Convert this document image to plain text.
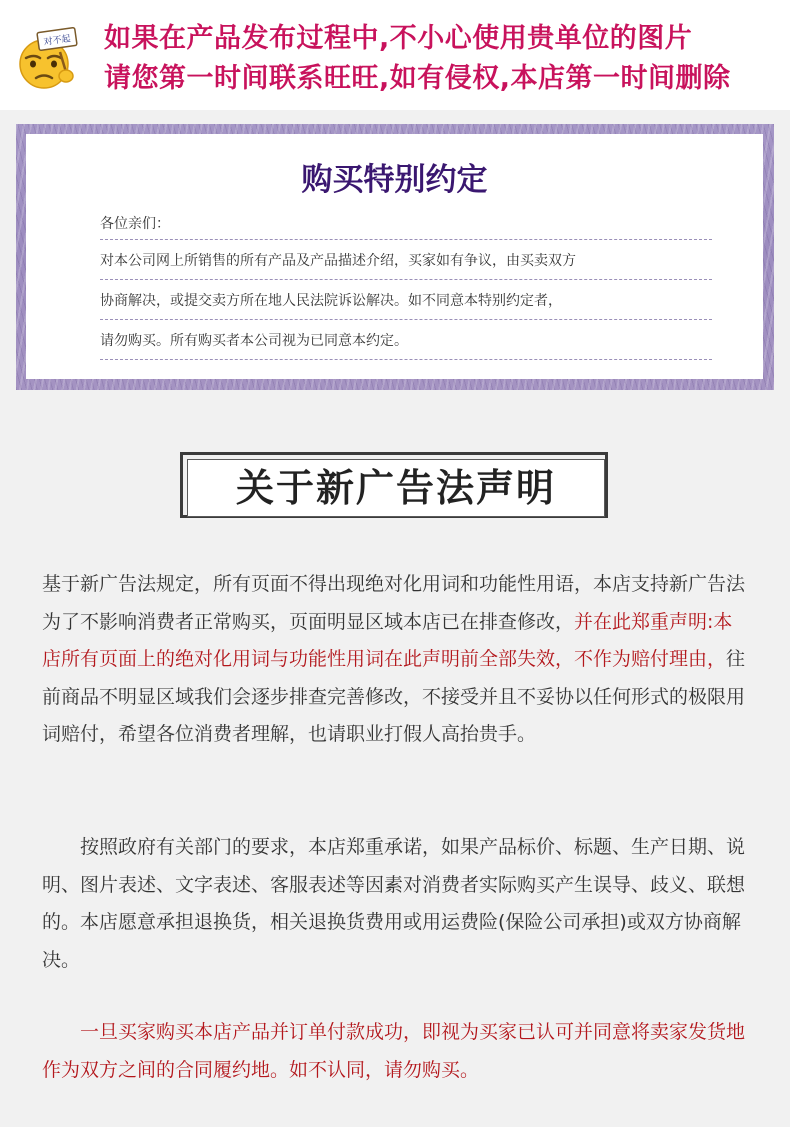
对不起 如果在产品发布过程中,不小心使用贵单位的图片
请您第一时间联系旺旺,如有侵权,本店第一时间删除
购买特别约定
各位亲们：
对本公司网上所销售的所有产品及产品描述介绍，买家如有争议，由买卖双方
协商解决，或提交卖方所在地人民法院诉讼解决。如不同意本特别约定者，
请勿购买。所有购买者本公司视为已同意本约定。
关于新广告法声明

基于新广告法规定，所有页面不得出现绝对化用词和功能性用语，本店支持新广告法为了不影响消费者正常购买，页面明显区域本店已在排查修改，并在此郑重声明:本店所有页面上的绝对化用词与功能性用词在此声明前全部失效，不作为赔付理由，往前商品不明显区域我们会逐步排查完善修改，不接受并且不妥协以任何形式的极限用词赔付，希望各位消费者理解，也请职业打假人高抬贵手。

按照政府有关部门的要求，本店郑重承诺，如果产品标价、标题、生产日期、说明、图片表述、文字表述、客服表述等因素对消费者实际购买产生误导、歧义、联想的。本店愿意承担退换货，相关退换货费用或用运费险(保险公司承担)或双方协商解决。

一旦买家购买本店产品并订单付款成功，即视为买家已认可并同意将卖家发货地作为双方之间的合同履约地。如不认同，请勿购买。
